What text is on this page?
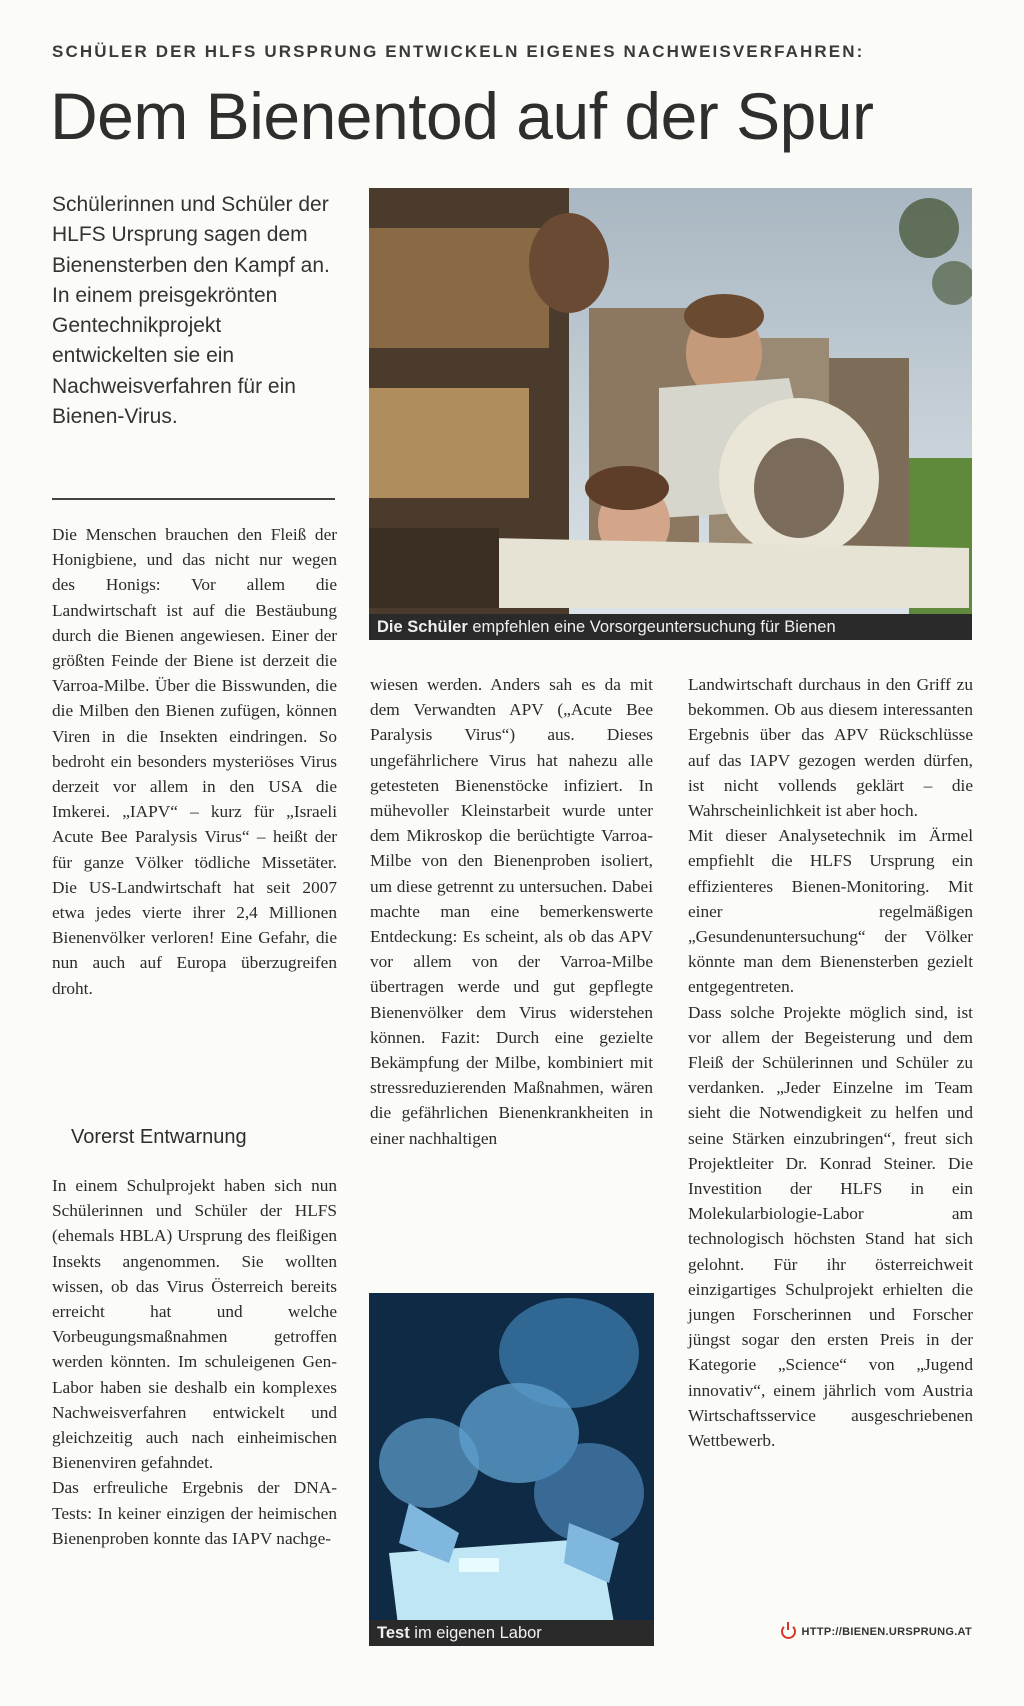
SCHÜLER DER HLFS URSPRUNG ENTWICKELN EIGENES NACHWEISVERFAHREN:
Dem Bienentod auf der Spur
Schülerinnen und Schüler der HLFS Ursprung sagen dem Bienensterben den Kampf an. In einem preisgekrönten Gentechnikprojekt entwickelten sie ein Nachweisverfahren für ein Bienen-Virus.

Die Menschen brauchen den Fleiß der Honigbiene, und das nicht nur wegen des Honigs: Vor allem die Landwirtschaft ist auf die Bestäubung durch die Bienen angewiesen. Einer der größten Feinde der Biene ist derzeit die Varroa-Milbe. Über die Bisswunden, die die Milben den Bienen zufügen, können Viren in die Insekten eindringen. So bedroht ein besonders mysteriöses Virus derzeit vor allem in den USA die Imkerei. „IAPV“ – kurz für „Israeli Acute Bee Paralysis Virus“ – heißt der für ganze Völker tödliche Missetäter. Die US-Landwirtschaft hat seit 2007 etwa jedes vierte ihrer 2,4 Millionen Bienenvölker verloren! Eine Gefahr, die nun auch auf Europa überzugreifen droht.

Vorerst Entwarnung

In einem Schulprojekt haben sich nun Schülerinnen und Schüler der HLFS (ehemals HBLA) Ursprung des fleißigen Insekts angenommen. Sie wollten wissen, ob das Virus Österreich bereits erreicht hat und welche Vorbeugungsmaßnahmen getroffen werden könnten. Im schuleigenen Gen-Labor haben sie deshalb ein komplexes Nachweisverfahren entwickelt und gleichzeitig auch nach einheimischen Bienenviren gefahndet.

Das erfreuliche Ergebnis der DNA-Tests: In keiner einzigen der heimischen Bienenproben konnte das IAPV nachge-

wiesen werden. Anders sah es da mit dem Verwandten APV („Acute Bee Paralysis Virus“) aus. Dieses ungefährlichere Virus hat nahezu alle getesteten Bienenstöcke infiziert. In mühevoller Kleinstarbeit wurde unter dem Mikroskop die berüchtigte Varroa-Milbe von den Bienenproben isoliert, um diese getrennt zu untersuchen. Dabei machte man eine bemerkenswerte Entdeckung: Es scheint, als ob das APV vor allem von der Varroa-Milbe übertragen werde und gut gepflegte Bienenvölker dem Virus widerstehen können. Fazit: Durch eine gezielte Bekämpfung der Milbe, kombiniert mit stressreduzierenden Maßnahmen, wären die gefährlichen Bienenkrankheiten in einer nachhaltigen

Landwirtschaft durchaus in den Griff zu bekommen. Ob aus diesem interessanten Ergebnis über das APV Rückschlüsse auf das IAPV gezogen werden dürfen, ist nicht vollends geklärt – die Wahrscheinlichkeit ist aber hoch.

Mit dieser Analysetechnik im Ärmel empfiehlt die HLFS Ursprung ein effizienteres Bienen-Monitoring. Mit einer regelmäßigen „Gesundenuntersuchung“ der Völker könnte man dem Bienensterben gezielt entgegentreten.

Dass solche Projekte möglich sind, ist vor allem der Begeisterung und dem Fleiß der Schülerinnen und Schüler zu verdanken. „Jeder Einzelne im Team sieht die Notwendigkeit zu helfen und seine Stärken einzubringen“, freut sich Projektleiter Dr. Konrad Steiner. Die Investition der HLFS in ein Molekularbiologie-Labor am technologisch höchsten Stand hat sich gelohnt. Für ihr österreichweit einzigartiges Schulprojekt erhielten die jungen Forscherinnen und Forscher jüngst sogar den ersten Preis in der Kategorie „Science“ von „Jugend innovativ“, einem jährlich vom Austria Wirtschaftsservice ausgeschriebenen Wettbewerb.

Die Schüler empfehlen eine Vorsorgeuntersuchung für Bienen
Test im eigenen Labor	HTTP://BIENEN.URSPRUNG.AT
